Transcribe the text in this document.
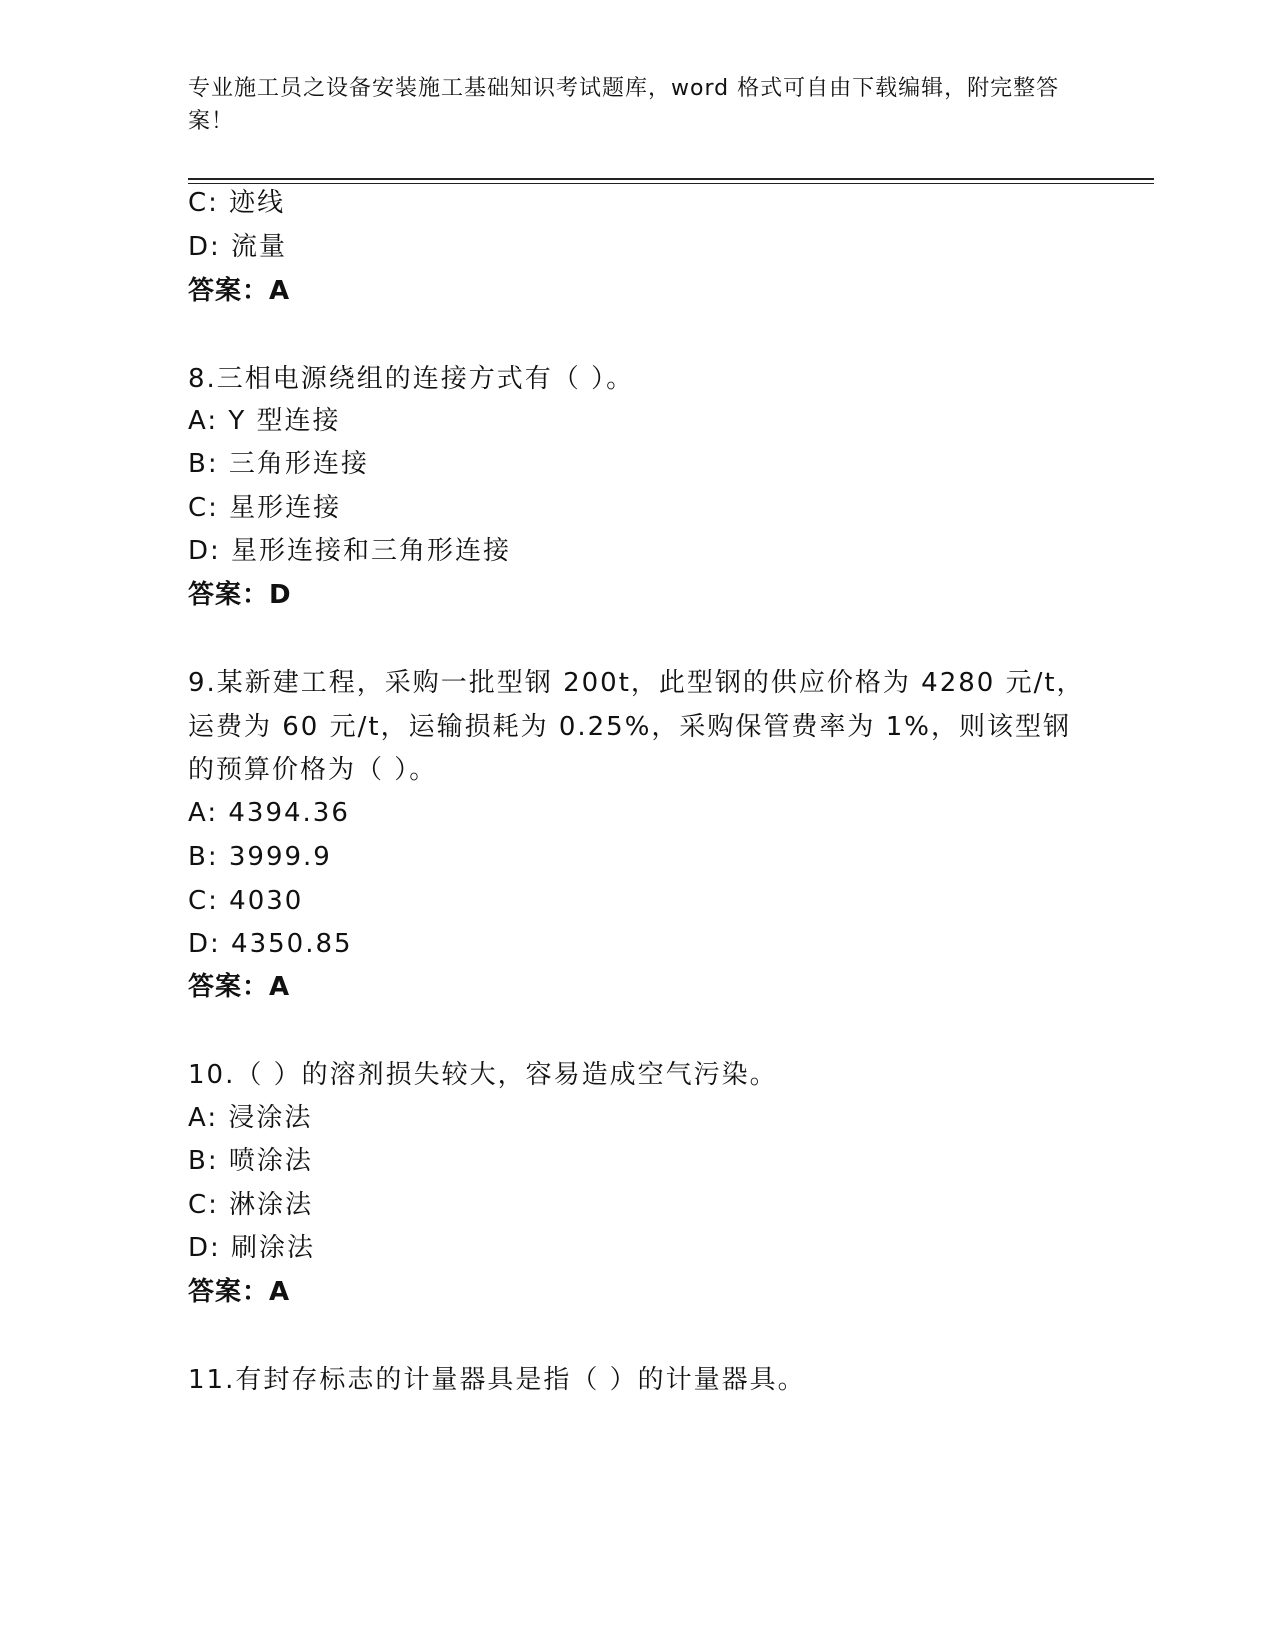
专业施工员之设备安装施工基础知识考试题库，word 格式可自由下载编辑，附完整答案！
C: 迹线
D: 流量
答案：A
8.三相电源绕组的连接方式有（ ）。
A: Y 型连接
B: 三角形连接
C: 星形连接
D: 星形连接和三角形连接
答案：D
9.某新建工程，采购一批型钢 200t，此型钢的供应价格为 4280 元/t，
运费为 60 元/t，运输损耗为 0.25%，采购保管费率为 1%，则该型钢
的预算价格为（ ）。
A: 4394.36
B: 3999.9
C: 4030
D: 4350.85
答案：A
10.（ ）的溶剂损失较大，容易造成空气污染。
A: 浸涂法
B: 喷涂法
C: 淋涂法
D: 刷涂法
答案：A
11.有封存标志的计量器具是指（ ）的计量器具。
